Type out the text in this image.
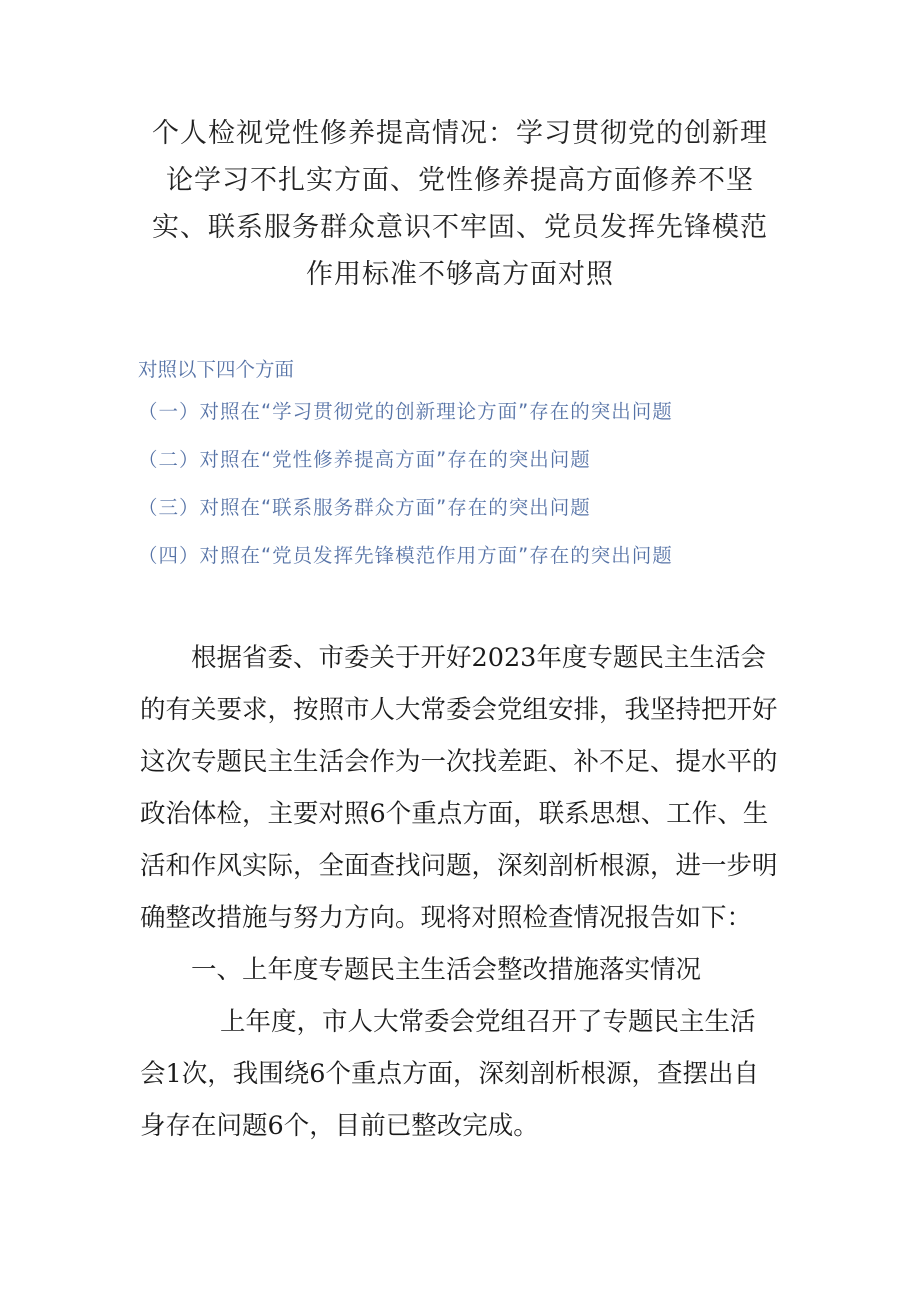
个人检视党性修养提高情况：学习贯彻党的创新理
论学习不扎实方面、党性修养提高方面修养不坚
实、联系服务群众意识不牢固、党员发挥先锋模范
作用标准不够高方面对照
对照以下四个方面
（一）对照在“学习贯彻党的创新理论方面”存在的突出问题
（二）对照在“党性修养提高方面”存在的突出问题
（三）对照在“联系服务群众方面”存在的突出问题
（四）对照在“党员发挥先锋模范作用方面”存在的突出问题

根据省委、市委关于开好2023年度专题民主生活会
的有关要求，按照市人大常委会党组安排，我坚持把开好
这次专题民主生活会作为一次找差距、补不足、提水平的
政治体检，主要对照6个重点方面，联系思想、工作、生
活和作风实际，全面查找问题，深刻剖析根源，进一步明
确整改措施与努力方向。现将对照检查情况报告如下：

一、上年度专题民主生活会整改措施落实情况

上年度，市人大常委会党组召开了专题民主生活
会1次，我围绕6个重点方面，深刻剖析根源，查摆出自
身存在问题6个，目前已整改完成。
